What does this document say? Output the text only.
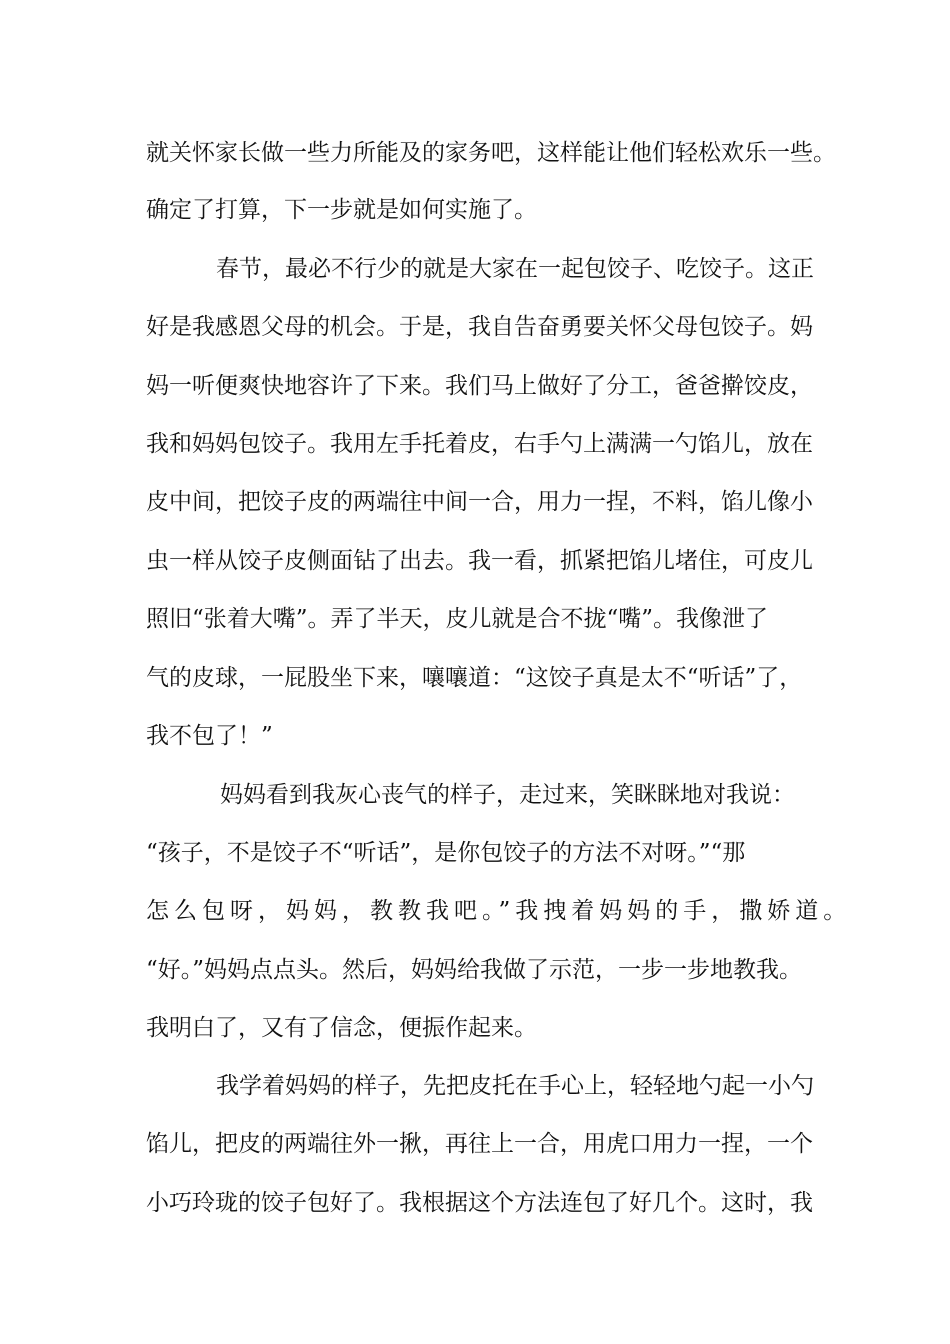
就关怀家长做一些力所能及的家务吧，这样能让他们轻松欢乐一些。
确定了打算，下一步就是如何实施了。
春节，最必不行少的就是大家在一起包饺子、吃饺子。这正
好是我感恩父母的机会。于是，我自告奋勇要关怀父母包饺子。妈
妈一听便爽快地容许了下来。我们马上做好了分工，爸爸擀饺皮，
我和妈妈包饺子。我用左手托着皮，右手勺上满满一勺馅儿，放在
皮中间，把饺子皮的两端往中间一合，用力一捏，不料，馅儿像小
虫一样从饺子皮侧面钻了出去。我一看，抓紧把馅儿堵住，可皮儿
照旧“张着大嘴”。弄了半天，皮儿就是合不拢“嘴”。我像泄了
气的皮球，一屁股坐下来，嚷嚷道：“这饺子真是太不“听话”了，
我不包了！”
妈妈看到我灰心丧气的样子，走过来，笑眯眯地对我说：
“孩子，不是饺子不“听话”，是你包饺子的方法不对呀。”“那
怎么包呀，妈妈，教教我吧。”我拽着妈妈的手，撒娇道。
“好。”妈妈点点头。然后，妈妈给我做了示范，一步一步地教我。
我明白了，又有了信念，便振作起来。
我学着妈妈的样子，先把皮托在手心上，轻轻地勺起一小勺
馅儿，把皮的两端往外一揪，再往上一合，用虎口用力一捏，一个
小巧玲珑的饺子包好了。我根据这个方法连包了好几个。这时，我
